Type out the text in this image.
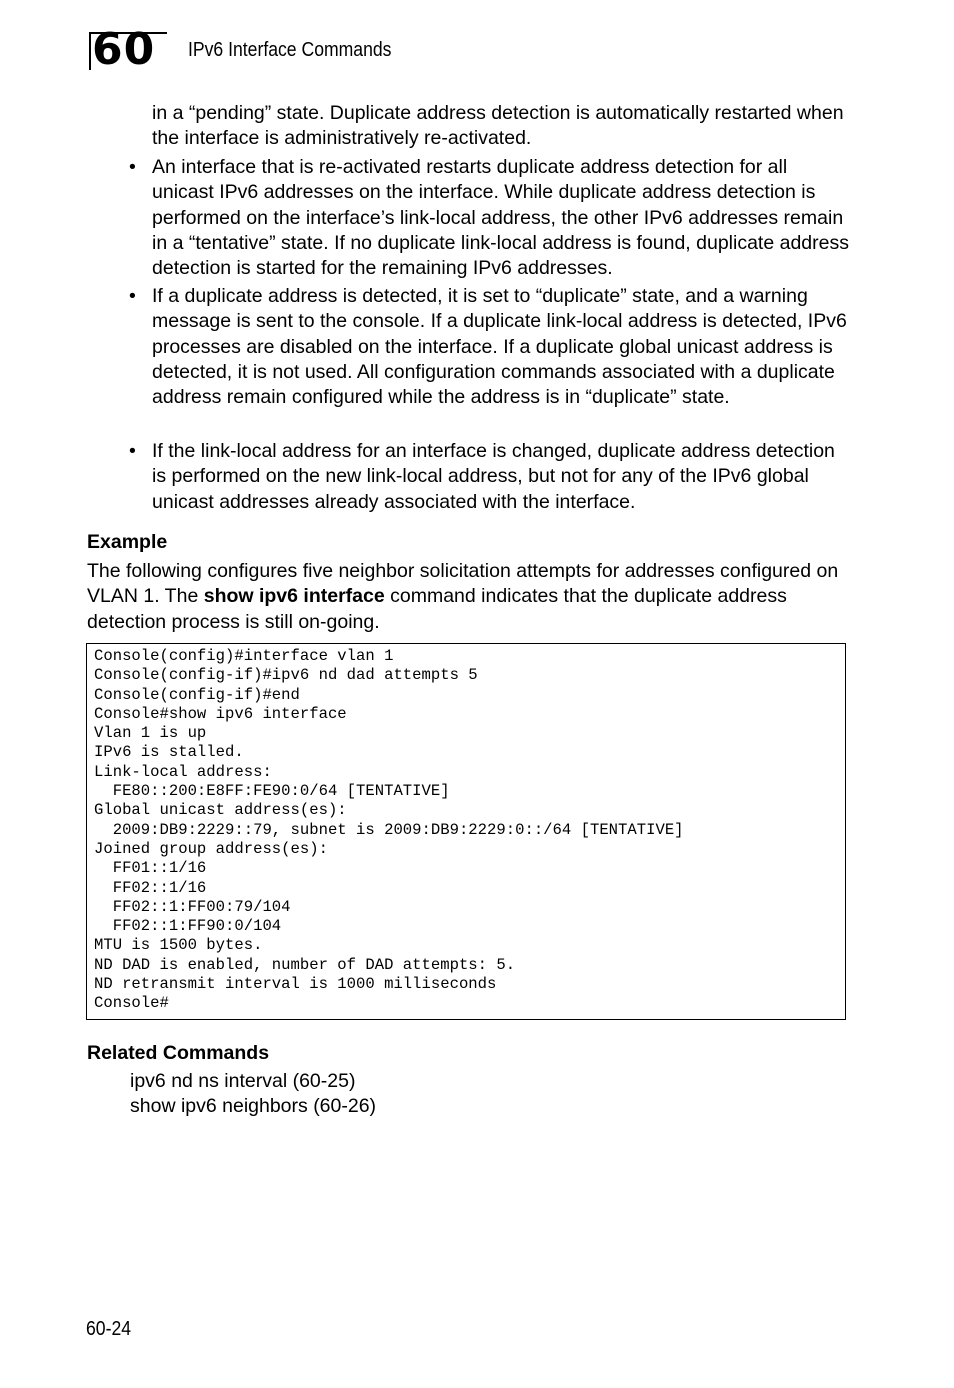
60 IPv6 Interface Commands
in a “pending” state. Duplicate address detection is automatically restarted when the interface is administratively re-activated.
• An interface that is re-activated restarts duplicate address detection for all unicast IPv6 addresses on the interface. While duplicate address detection is performed on the interface’s link-local address, the other IPv6 addresses remain in a “tentative” state. If no duplicate link-local address is found, duplicate address detection is started for the remaining IPv6 addresses.
• If a duplicate address is detected, it is set to “duplicate” state, and a warning message is sent to the console. If a duplicate link-local address is detected, IPv6 processes are disabled on the interface. If a duplicate global unicast address is detected, it is not used. All configuration commands associated with a duplicate address remain configured while the address is in “duplicate” state.
• If the link-local address for an interface is changed, duplicate address detection is performed on the new link-local address, but not for any of the IPv6 global unicast addresses already associated with the interface.
Example
The following configures five neighbor solicitation attempts for addresses configured on VLAN 1. The show ipv6 interface command indicates that the duplicate address detection process is still on-going.
Console(config)#interface vlan 1
Console(config-if)#ipv6 nd dad attempts 5
Console(config-if)#end
Console#show ipv6 interface
Vlan 1 is up
IPv6 is stalled.
Link-local address:
FE80::200:E8FF:FE90:0/64 [TENTATIVE]
Global unicast address(es):
2009:DB9:2229::79, subnet is 2009:DB9:2229:0::/64 [TENTATIVE]
Joined group address(es):
FF01::1/16
FF02::1/16
FF02::1:FF00:79/104
FF02::1:FF90:0/104
MTU is 1500 bytes.
ND DAD is enabled, number of DAD attempts: 5.
ND retransmit interval is 1000 milliseconds
Console#
Related Commands
ipv6 nd ns interval (60-25)
show ipv6 neighbors (60-26)
60-24
